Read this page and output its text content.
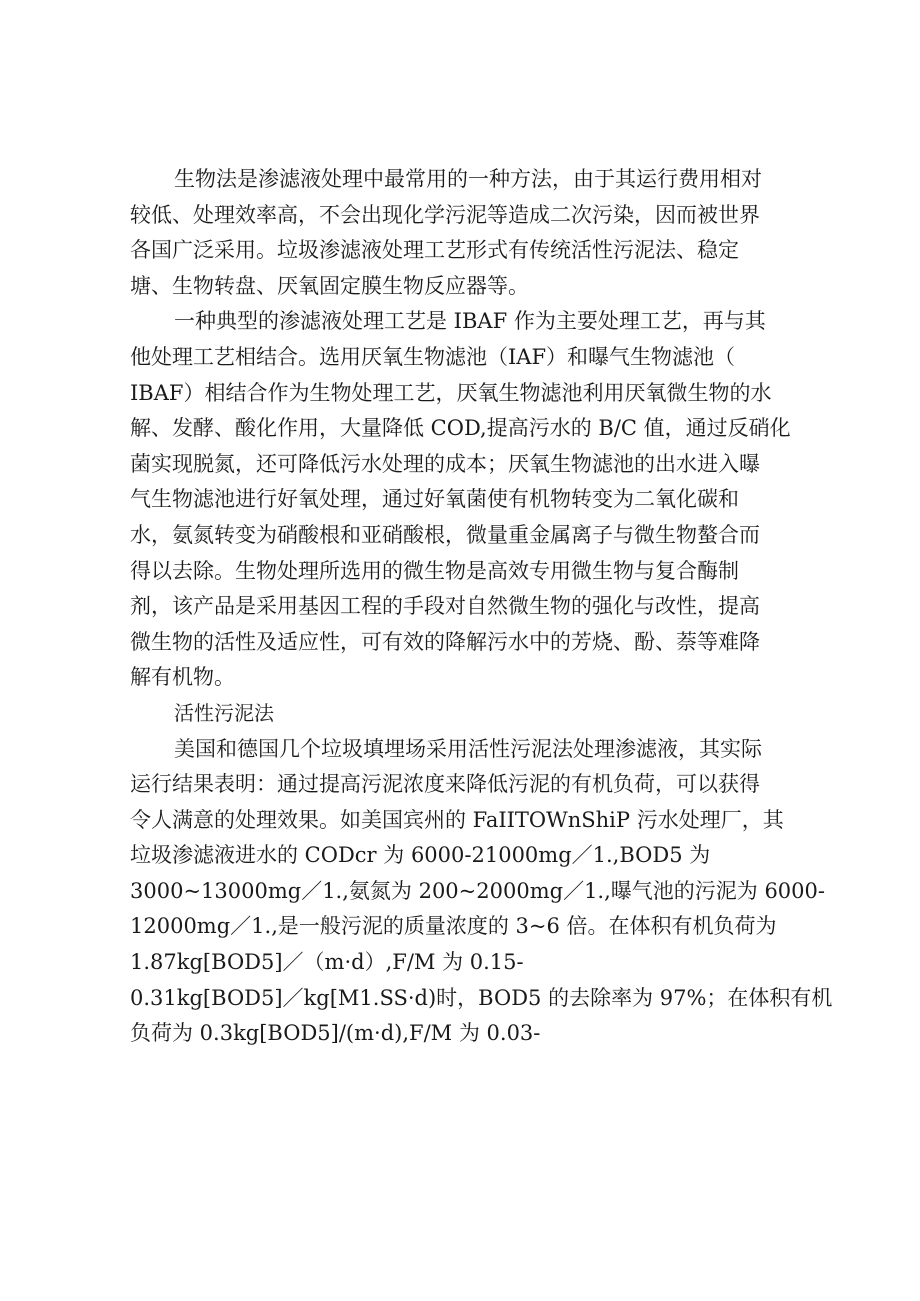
生物法是渗滤液处理中最常用的一种方法，由于其运行费用相对
较低、处理效率高，不会出现化学污泥等造成二次污染，因而被世界
各国广泛采用。垃圾渗滤液处理工艺形式有传统活性污泥法、稳定
塘、生物转盘、厌氧固定膜生物反应器等。
一种典型的渗滤液处理工艺是 IBAF 作为主要处理工艺，再与其
他处理工艺相结合。选用厌氧生物滤池（IAF）和曝气生物滤池（
IBAF）相结合作为生物处理工艺，厌氧生物滤池利用厌氧微生物的水
解、发酵、酸化作用，大量降低 COD,提高污水的 B/C 值，通过反硝化
菌实现脱氮，还可降低污水处理的成本；厌氧生物滤池的出水进入曝
气生物滤池进行好氧处理，通过好氧菌使有机物转变为二氧化碳和
水，氨氮转变为硝酸根和亚硝酸根，微量重金属离子与微生物螯合而
得以去除。生物处理所选用的微生物是高效专用微生物与复合酶制
剂，该产品是采用基因工程的手段对自然微生物的强化与改性，提高
微生物的活性及适应性，可有效的降解污水中的芳烧、酚、萘等难降
解有机物。
活性污泥法
美国和德国几个垃圾填埋场采用活性污泥法处理渗滤液，其实际
运行结果表明：通过提高污泥浓度来降低污泥的有机负荷，可以获得
令人满意的处理效果。如美国宾州的 FaIITOWnShiP 污水处理厂，其
垃圾渗滤液进水的 CODcr 为 6000-21000mg／1.,BOD5 为
3000~13000mg／1.,氨氮为 200~2000mg／1.,曝气池的污泥为 6000-
12000mg／1.,是一般污泥的质量浓度的 3~6 倍。在体积有机负荷为
1.87kg[BOD5]／（m·d）,F/M 为 0.15-
0.31kg[BOD5]／kg[M1.SS·d)时，BOD5 的去除率为 97%；在体积有机
负荷为 0.3kg[BOD5]/(m·d),F/M 为 0.03-
